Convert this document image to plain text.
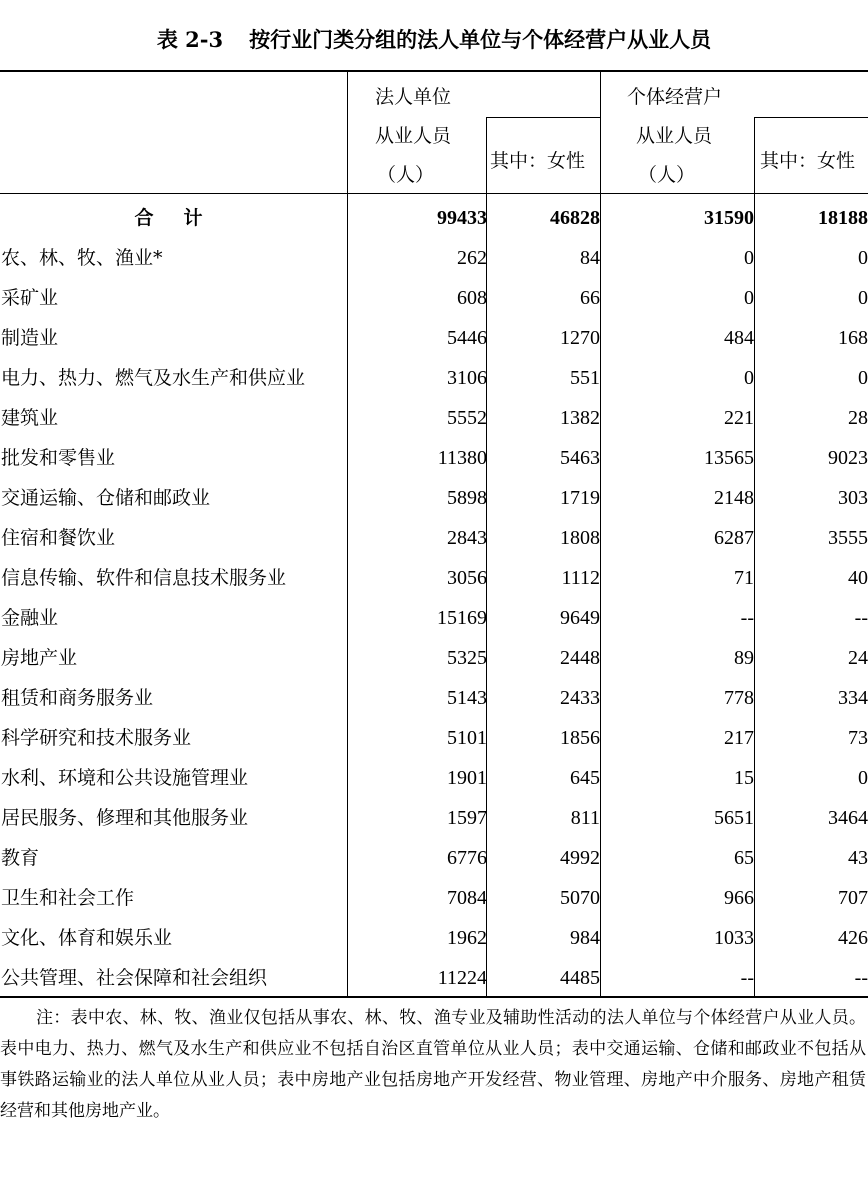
表 2-3 按行业门类分组的法人单位与个体经营户从业人员
法人单位
从业人员
（人）
其中：女性
个体经营户
从业人员
（人）
其中：女性
合计	99433	46828	31590	18188
农、林、牧、渔业*	262	84	0	0
采矿业	608	66	0	0
制造业	5446	1270	484	168
电力、热力、燃气及水生产和供应业	3106	551	0	0
建筑业	5552	1382	221	28
批发和零售业	11380	5463	13565	9023
交通运输、仓储和邮政业	5898	1719	2148	303
住宿和餐饮业	2843	1808	6287	3555
信息传输、软件和信息技术服务业	3056	1112	71	40
金融业	15169	9649	--	--
房地产业	5325	2448	89	24
租赁和商务服务业	5143	2433	778	334
科学研究和技术服务业	5101	1856	217	73
水利、环境和公共设施管理业	1901	645	15	0
居民服务、修理和其他服务业	1597	811	5651	3464
教育	6776	4992	65	43
卫生和社会工作	7084	5070	966	707
文化、体育和娱乐业	1962	984	1033	426
公共管理、社会保障和社会组织	11224	4485	--	--

注：表中农、林、牧、渔业仅包括从事农、林、牧、渔专业及辅助性活动的法人单位与个体经营户从业人员。表中电力、热力、燃气及水生产和供应业不包括自治区直管单位从业人员；表中交通运输、仓储和邮政业不包括从事铁路运输业的法人单位从业人员；表中房地产业包括房地产开发经营、物业管理、房地产中介服务、房地产租赁经营和其他房地产业。
